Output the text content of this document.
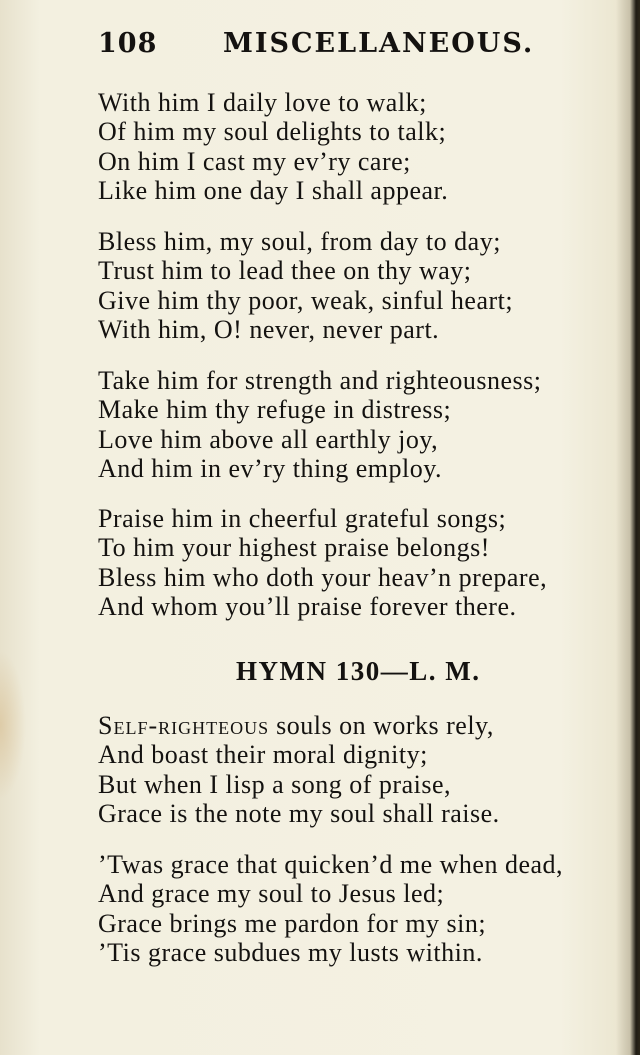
108 MISCELLANEOUS.
With him I daily love to walk;
Of him my soul delights to talk;
On him I cast my ev’ry care;
Like him one day I shall appear.
Bless him, my soul, from day to day;
Trust him to lead thee on thy way;
Give him thy poor, weak, sinful heart;
With him, O! never, never part.
Take him for strength and righteousness;
Make him thy refuge in distress;
Love him above all earthly joy,
And him in ev’ry thing employ.
Praise him in cheerful grateful songs;
To him your highest praise belongs!
Bless him who doth your heav’n prepare,
And whom you’ll praise forever there.
HYMN 130—L. M.
Self-righteous souls on works rely,
And boast their moral dignity;
But when I lisp a song of praise,
Grace is the note my soul shall raise.
’Twas grace that quicken’d me when dead,
And grace my soul to Jesus led;
Grace brings me pardon for my sin;
’Tis grace subdues my lusts within.
